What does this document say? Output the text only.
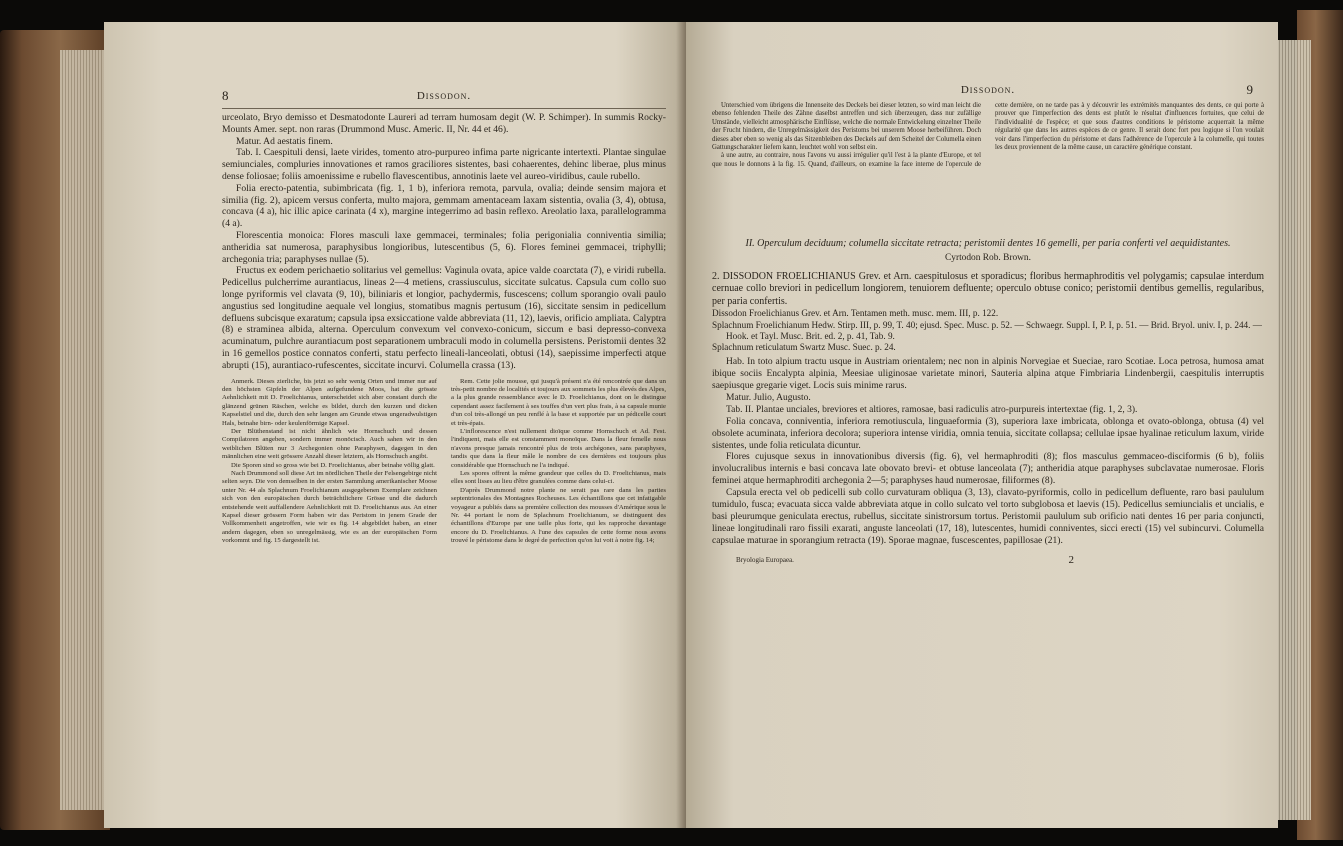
8	Dissodon.

urceolato, Bryo demisso et Desmatodonte Laureri ad terram humosam degit (W. P. Schimper). In summis Rocky-Mounts Amer. sept. non raras (Drummond Musc. Americ. II, Nr. 44 et 46).

Matur. Ad aestatis finem.

Tab. I. Caespituli densi, laete virides, tomento atro-purpureo infima parte nigricante intertexti. Plantae singulae semiunciales, compluries innovationes et ramos graciliores sistentes, basi cohaerentes, dehinc liberae, plus minus dense foliosae; foliis amoenissime e rubello flavescentibus, annotinis laete vel aureo-viridibus, caule rubello.

Folia erecto-patentia, subimbricata (fig. 1, 1 b), inferiora remota, parvula, ovalia; deinde sensim majora et similia (fig. 2), apicem versus conferta, multo majora, gemmam amentaceam laxam sistentia, ovalia (3, 4), obtusa, concava (4 a), hic illic apice carinata (4 x), margine integerrimo ad basin reflexo. Areolatio laxa, parallelogramma (4 a).

Florescentia monoica: Flores masculi laxe gemmacei, terminales; folia perigonialia conniventia similia; antheridia sat numerosa, paraphysibus longioribus, lutescentibus (5, 6). Flores feminei gemmacei, triphylli; archegonia tria; paraphyses nullae (5).

Fructus ex eodem perichaetio solitarius vel gemellus: Vaginula ovata, apice valde coarctata (7), e viridi rubella. Pedicellus pulcherrime aurantiacus, lineas 2—4 metiens, crassiusculus, siccitate sulcatus. Capsula cum collo suo longe pyriformis vel clavata (9, 10), biliniaris et longior, pachydermis, fuscescens; collum sporangio ovali paulo angustius sed longitudine aequale vel longius, stomatibus magnis pertusum (16), siccitate sensim in pedicellum defluens subcisque exaratum; capsula ipsa exsiccatione valde abbreviata (11, 12), laevis, orificio ampliata. Calyptra (8) e straminea albida, alterna. Operculum convexum vel convexo-conicum, siccum e basi depresso-convexa acuminatum, pulchre aurantiacum post separationem umbraculi modo in columella persistens. Peristomii dentes 32 in 16 gemellos postice connatos conferti, statu perfecto lineali-lanceolati, obtusi (14), saepissime imperfecti atque abrupti (15), aurantiaco-rufescentes, siccitate incurvi. Columella crassa (13).

Anmerk. Dieses zierliche, bis jetzt so sehr wenig Orten und immer nur auf den höchsten Gipfeln der Alpen aufgefundene Moos, hat die grösste Aehnlichkeit mit D. Froelichianus, unterscheidet sich aber constant durch die glänzend grünen Räschen, welche es bildet, durch den kurzen und dicken Kapselstiel und die, durch den sehr langen am Grunde etwas ungeradwulstigen Hals, beinahe birn- oder keulenförmige Kapsel.

Der Blüthenstand ist nicht ähnlich wie Hornschuch und dessen Compilatoren angeben, sondern immer monöcisch. Auch sahen wir in den weiblichen Blüten nur 3 Archegonien ohne Paraphysen, dagegen in den männlichen eine weit grössere Anzahl dieser letztern, als Hornschuch angibt.

Die Sporen sind so gross wie bei D. Froelichianus, aber beinahe völlig glatt.

Nach Drummond soll diese Art im nördlichen Theile der Felsengebirge nicht selten seyn. Die von demselben in der ersten Sammlung amerikanischer Moose unter Nr. 44 als Splachnum Froelichianum ausgegebenen Exemplare zeichnen sich von den europäischen durch beträchtlichere Grösse und die dadurch entstehende weit auffallendere Aehnlichkeit mit D. Froelichianus aus. An einer Kapsel dieser grössern Form haben wir das Peristom in jenem Grade der Vollkommenheit angetroffen, wie wir es fig. 14 abgebildet haben, an einer andern dagegen, eben so unregelmässig, wie es an der europäischen Form vorkommt und fig. 15 dargestellt ist.

Rem. Cette jolie mousse, qui jusqu'à présent n'a été rencontrée que dans un très-petit nombre de localités et toujours aux sommets les plus élevés des Alpes, a la plus grande ressemblance avec le D. Froelichianus, dont on le distingue cependant assez facilement à ses touffes d'un vert plus frais, à sa capsule munie d'un col très-allongé un peu renflé à la base et supportée par un pédicelle court et très-épais.

L'inflorescence n'est nullement dioïque comme Hornschuch et Ad. Fest. l'indiquent, mais elle est constamment monoïque. Dans la fleur femelle nous n'avons presque jamais rencontré plus de trois archégones, sans paraphyses, tandis que dans la fleur mâle le nombre de ces dernières est toujours plus considérable que Hornschuch ne l'a indiqué.

Les spores offrent la même grandeur que celles du D. Froelichianus, mais elles sont lisses au lieu d'être granulées comme dans celui-ci.

D'après Drummond notre plante ne serait pas rare dans les parties septentrionales des Montagnes Rocheuses. Les échantillons que cet infatigable voyageur a publiés dans sa première collection des mousses d'Amérique sous le Nr. 44 portant le nom de Splachnum Froelichianum, se distinguent des échantillons d'Europe par une taille plus forte, qui les rapproche davantage encore du D. Froelichianus. A l'une des capsules de cette forme nous avons trouvé le péristome dans le degré de perfection qu'on lui voit à notre fig. 14;

Dissodon.	9

Unterschied vom übrigens die Innenseite des Deckels bei dieser letzten, so wird man leicht die ebenso fehlenden Theile des Zähne daselbst antreffen und sich überzeugen, dass nur zufällige Umstände, vielleicht atmosphärische Einflüsse, welche die normale Entwickelung einzelner Theile der Frucht hindern, die Unregelmässigkeit des Peristoms bei unserem Moose herbeiführen. Doch dieses aber eben so wenig als das Sitzenbleiben des Deckels auf dem Scheitel der Columella einen Gattungscharakter liefern kann, leuchtet wohl von selbst ein.

à une autre, au contraire, nous l'avons vu aussi irrégulier qu'il l'est à la plante d'Europe, et tel que nous le donnons à la fig. 15. Quand, d'ailleurs, on examine la face interne de l'opercule de cette dernière, on ne tarde pas à y découvrir les extrémités manquantes des dents, ce qui porte à prouver que l'imperfection des dents est plutôt le résultat d'influences fortuites, que celui de l'individualité de l'espèce; et que sous d'autres conditions le péristome acquerrait la même régularité que dans les autres espèces de ce genre. Il serait donc fort peu logique si l'on voulait voir dans l'imperfection du péristome et dans l'adhérence de l'opercule à la columelle, qui toutes les deux proviennent de la même cause, un caractère générique constant.

II. Operculum deciduum; columella siccitate retracta; peristomii dentes 16 gemelli, per paria conferti vel aequidistantes.

Cyrtodon Rob. Brown.

2. DISSODON FROELICHIANUS Grev. et Arn. caespitulosus et sporadicus; floribus hermaphroditis vel polygamis; capsulae interdum cernuae collo breviori in pedicellum longiorem, tenuiorem defluente; operculo obtuse conico; peristomii dentibus gemellis, regularibus, per paria confertis.

Dissodon Froelichianus Grev. et Arn. Tentamen meth. musc. mem. III, p. 122.

Splachnum Froelichianum Hedw. Stirp. III, p. 99, T. 40; ejusd. Spec. Musc. p. 52. — Schwaegr. Suppl. I, P. I, p. 51. — Brid. Bryol. univ. I, p. 244. — Hook. et Tayl. Musc. Brit. ed. 2, p. 41, Tab. 9.

Splachnum reticulatum Swartz Musc. Suec. p. 24.

Hab. In toto alpium tractu usque in Austriam orientalem; nec non in alpinis Norvegiae et Sueciae, raro Scotiae. Loca petrosa, humosa amat ibique sociis Encalypta alpinia, Meesiae uliginosae varietate minori, Sauteria alpina atque Fimbriaria Lindenbergii, caespitulis interruptis saepiusque gregarie viget. Locis suis minime rarus.

Matur. Julio, Augusto.

Tab. II. Plantae unciales, breviores et altiores, ramosae, basi radiculis atro-purpureis intertextae (fig. 1, 2, 3).

Folia concava, conniventia, inferiora remotiuscula, linguaeformia (3), superiora laxe imbricata, oblonga et ovato-oblonga, obtusa (4) vel obsolete acuminata, inferiora decolora; superiora intense viridia, omnia tenuia, siccitate collapsa; cellulae ipsae hyalinae reticulum laxum, viride sistentes, unde folia reticulata dicuntur.

Flores cujusque sexus in innovationibus diversis (fig. 6), vel hermaphroditi (8); flos masculus gemmaceo-disciformis (6 b), foliis involucralibus internis e basi concava late obovato brevi- et obtuse lanceolata (7); antheridia atque paraphyses subclavatae numerosae. Floris feminei atque hermaphroditi archegonia 2—5; paraphyses haud numerosae, filiformes (8).

Capsula erecta vel ob pedicelli sub collo curvaturam obliqua (3, 13), clavato-pyriformis, collo in pedicellum defluente, raro basi paululum tumidulo, fusca; evacuata sicca valde abbreviata atque in collo sulcato vel torto subglobosa et laevis (15). Pedicellus semiuncialis et uncialis, e basi pleurumque geniculata erectus, rubellus, siccitate sinistrorsum tortus. Peristomii paululum sub orificio nati dentes 16 per paria conjuncti, lineae longitudinali raro fissili exarati, anguste lanceolati (17, 18), lutescentes, humidi conniventes, sicci erecti (15) vel subincurvi. Columella capsulae maturae in sporangium retracta (19). Sporae magnae, fuscescentes, papillosae (21).

Bryologia Europaea.	2
